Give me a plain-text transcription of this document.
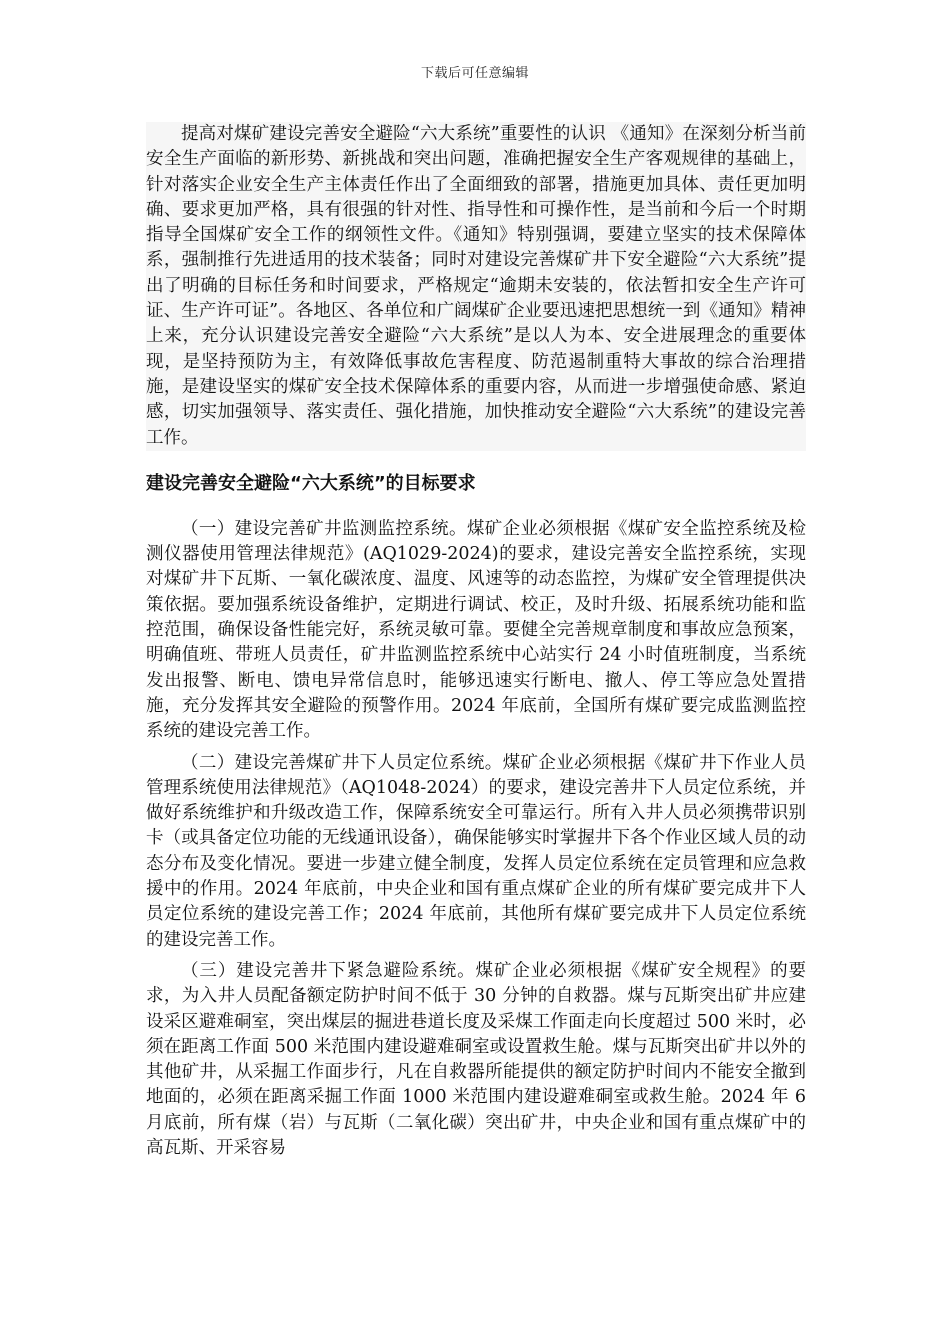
下载后可任意编辑

提高对煤矿建设完善安全避险“六大系统”重要性的认识 《通知》在深刻分析当前安全生产面临的新形势、新挑战和突出问题，准确把握安全生产客观规律的基础上，针对落实企业安全生产主体责任作出了全面细致的部署，措施更加具体、责任更加明确、要求更加严格，具有很强的针对性、指导性和可操作性，是当前和今后一个时期指导全国煤矿安全工作的纲领性文件。《通知》特别强调，要建立坚实的技术保障体系，强制推行先进适用的技术装备；同时对建设完善煤矿井下安全避险“六大系统”提出了明确的目标任务和时间要求，严格规定“逾期未安装的，依法暂扣安全生产许可证、生产许可证”。各地区、各单位和广阔煤矿企业要迅速把思想统一到《通知》精神上来，充分认识建设完善安全避险“六大系统”是以人为本、安全进展理念的重要体现，是坚持预防为主，有效降低事故危害程度、防范遏制重特大事故的综合治理措施，是建设坚实的煤矿安全技术保障体系的重要内容，从而进一步增强使命感、紧迫感，切实加强领导、落实责任、强化措施，加快推动安全避险“六大系统”的建设完善工作。

建设完善安全避险“六大系统”的目标要求

（一）建设完善矿井监测监控系统。煤矿企业必须根据《煤矿安全监控系统及检测仪器使用管理法律规范》(AQ1029-2024)的要求，建设完善安全监控系统，实现对煤矿井下瓦斯、一氧化碳浓度、温度、风速等的动态监控，为煤矿安全管理提供决策依据。要加强系统设备维护，定期进行调试、校正，及时升级、拓展系统功能和监控范围，确保设备性能完好，系统灵敏可靠。要健全完善规章制度和事故应急预案，明确值班、带班人员责任，矿井监测监控系统中心站实行 24 小时值班制度，当系统发出报警、断电、馈电异常信息时，能够迅速实行断电、撤人、停工等应急处置措施，充分发挥其安全避险的预警作用。2024 年底前，全国所有煤矿要完成监测监控系统的建设完善工作。

（二）建设完善煤矿井下人员定位系统。煤矿企业必须根据《煤矿井下作业人员管理系统使用法律规范》（AQ1048-2024）的要求，建设完善井下人员定位系统，并做好系统维护和升级改造工作，保障系统安全可靠运行。所有入井人员必须携带识别卡（或具备定位功能的无线通讯设备），确保能够实时掌握井下各个作业区域人员的动态分布及变化情况。要进一步建立健全制度，发挥人员定位系统在定员管理和应急救援中的作用。2024 年底前，中央企业和国有重点煤矿企业的所有煤矿要完成井下人员定位系统的建设完善工作；2024 年底前，其他所有煤矿要完成井下人员定位系统的建设完善工作。

（三）建设完善井下紧急避险系统。煤矿企业必须根据《煤矿安全规程》的要求，为入井人员配备额定防护时间不低于 30 分钟的自救器。煤与瓦斯突出矿井应建设采区避难硐室，突出煤层的掘进巷道长度及采煤工作面走向长度超过 500 米时，必须在距离工作面 500 米范围内建设避难硐室或设置救生舱。煤与瓦斯突出矿井以外的其他矿井，从采掘工作面步行，凡在自救器所能提供的额定防护时间内不能安全撤到地面的，必须在距离采掘工作面 1000 米范围内建设避难硐室或救生舱。2024 年 6 月底前，所有煤（岩）与瓦斯（二氧化碳）突出矿井，中央企业和国有重点煤矿中的高瓦斯、开采容易
